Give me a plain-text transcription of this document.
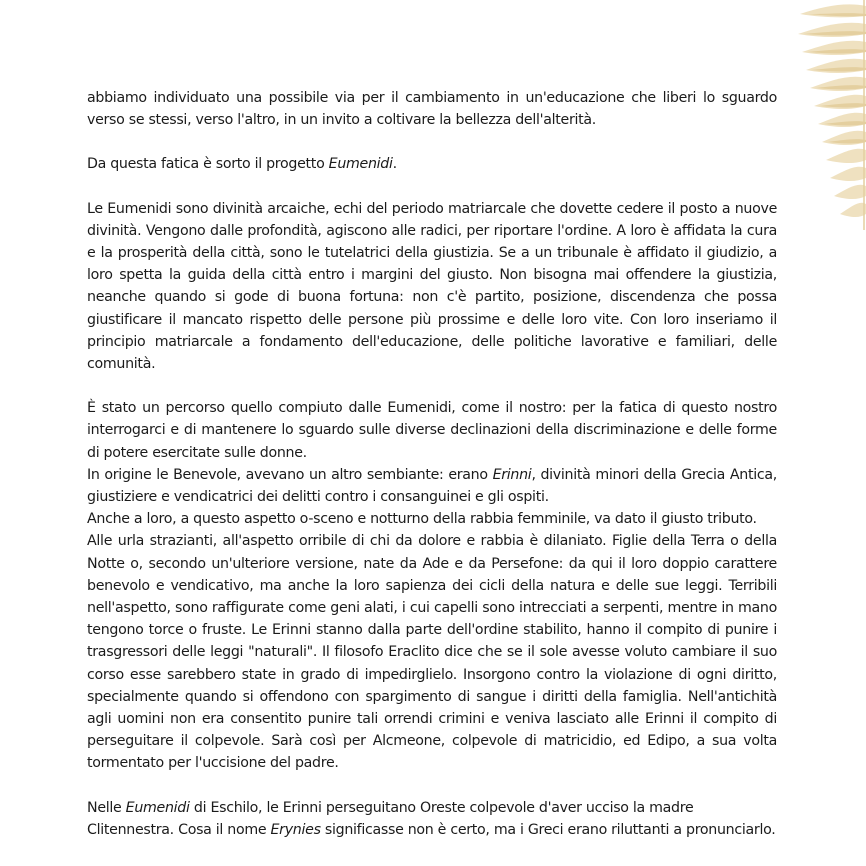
abbiamo individuato una possibile via per il cambiamento in un'educazione che liberi lo sguardo verso se stessi, verso l'altro, in un invito a coltivare la bellezza dell'alterità.

Da questa fatica è sorto il progetto Eumenidi.

Le Eumenidi sono divinità arcaiche, echi del periodo matriarcale che dovette cedere il posto a nuove divinità. Vengono dalle profondità, agiscono alle radici, per riportare l'ordine. A loro è affidata la cura e la prosperità della città, sono le tutelatrici della giustizia. Se a un tribunale è affidato il giudizio, a loro spetta la guida della città entro i margini del giusto. Non bisogna mai offendere la giustizia, neanche quando si gode di buona fortuna: non c'è partito, posizione, discendenza che possa giustificare il mancato rispetto delle persone più prossime e delle loro vite. Con loro inseriamo il principio matriarcale a fondamento dell'educazione, delle politiche lavorative e familiari, delle comunità.

È stato un percorso quello compiuto dalle Eumenidi, come il nostro: per la fatica di questo nostro interrogarci e di mantenere lo sguardo sulle diverse declinazioni della discriminazione e delle forme di potere esercitate sulle donne.

In origine le Benevole, avevano un altro sembiante: erano Erinni, divinità minori della Grecia Antica, giustiziere e vendicatrici dei delitti contro i consanguinei e gli ospiti.

Anche a loro, a questo aspetto o-sceno e notturno della rabbia femminile, va dato il giusto tributo.

Alle urla strazianti, all'aspetto orribile di chi da dolore e rabbia è dilaniato. Figlie della Terra o della Notte o, secondo un'ulteriore versione, nate da Ade e da Persefone: da qui il loro doppio carattere benevolo e vendicativo, ma anche la loro sapienza dei cicli della natura e delle sue leggi. Terribili nell'aspetto, sono raffigurate come geni alati, i cui capelli sono intrecciati a serpenti, mentre in mano tengono torce o fruste. Le Erinni stanno dalla parte dell'ordine stabilito, hanno il compito di punire i trasgressori delle leggi "naturali". Il filosofo Eraclito dice che se il sole avesse voluto cambiare il suo corso esse sarebbero state in grado di impedirglielo. Insorgono contro la violazione di ogni diritto, specialmente quando si offendono con spargimento di sangue i diritti della famiglia. Nell'antichità agli uomini non era consentito punire tali orrendi crimini e veniva lasciato alle Erinni il compito di perseguitare il colpevole. Sarà così per Alcmeone, colpevole di matricidio, ed Edipo, a sua volta tormentato per l'uccisione del padre.

Nelle Eumenidi di Eschilo, le Erinni perseguitano Oreste colpevole d'aver ucciso la madre Clitennestra. Cosa il nome Erynies significasse non è certo, ma i Greci erano riluttanti a pronunciarlo.
